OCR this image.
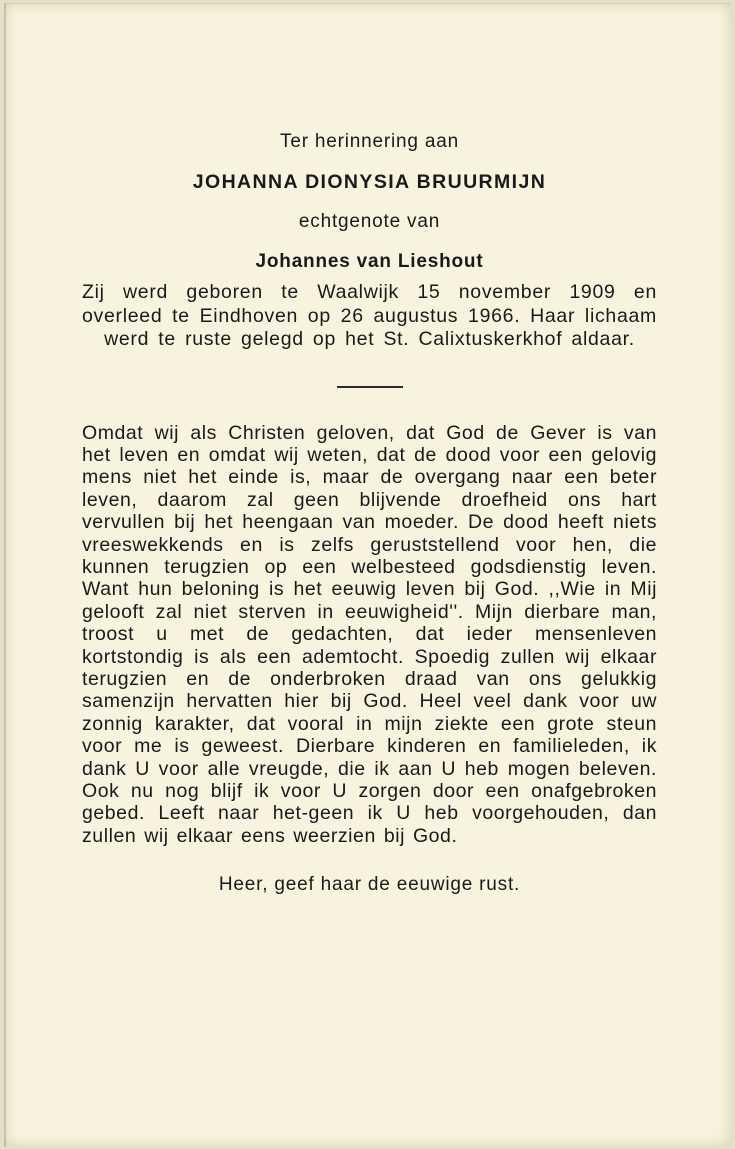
Ter herinnering aan

JOHANNA DIONYSIA BRUURMIJN

echtgenote van

Johannes van Lieshout

Zij werd geboren te Waalwijk 15 november 1909 en overleed te Eindhoven op 26 augustus 1966. Haar lichaam werd te ruste gelegd op het St. Calixtuskerkhof aldaar.

Omdat wij als Christen geloven, dat God de Gever is van het leven en omdat wij weten, dat de dood voor een gelovig mens niet het einde is, maar de overgang naar een beter leven, daarom zal geen blijvende droefheid ons hart vervullen bij het heengaan van moeder. De dood heeft niets vreeswekkends en is zelfs geruststellend voor hen, die kunnen terugzien op een welbesteed godsdienstig leven. Want hun beloning is het eeuwig leven bij God. ,,Wie in Mij gelooft zal niet sterven in eeuwigheid''. Mijn dierbare man, troost u met de gedachten, dat ieder mensenleven kortstondig is als een ademtocht. Spoedig zullen wij elkaar terugzien en de onderbroken draad van ons gelukkig samenzijn hervatten hier bij God. Heel veel dank voor uw zonnig karakter, dat vooral in mijn ziekte een grote steun voor me is geweest. Dierbare kinderen en familieleden, ik dank U voor alle vreugde, die ik aan U heb mogen beleven. Ook nu nog blijf ik voor U zorgen door een onafgebroken gebed. Leeft naar het-geen ik U heb voorgehouden, dan zullen wij elkaar eens weerzien bij God.

Heer, geef haar de eeuwige rust.
